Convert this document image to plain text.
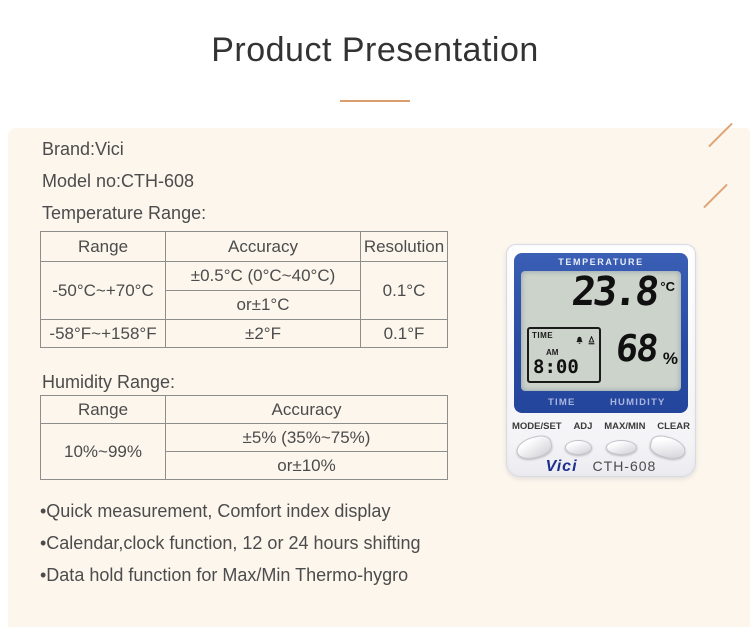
Product Presentation
Brand:Vici
Model no:CTH-608
Temperature Range:
Range	Accuracy	Resolution
-50°C~+70°C	±0.5°C (0°C~40°C)	0.1°C
	or±1°C	
-58°F~+158°F	±2°F	0.1°F
Humidity Range:
Range	Accuracy
10%~99%	±5% (35%~75%)
	or±10%
•Quick measurement, Comfort index display
•Calendar,clock function, 12 or 24 hours shifting
•Data hold function for Max/Min Thermo-hygro
TEMPERATURE
23.8 °C
TIME
AM
8:00 68 %
TIME	HUMIDITY
MODE/SET ADJ MAX/MIN CLEAR
Vici CTH-608
